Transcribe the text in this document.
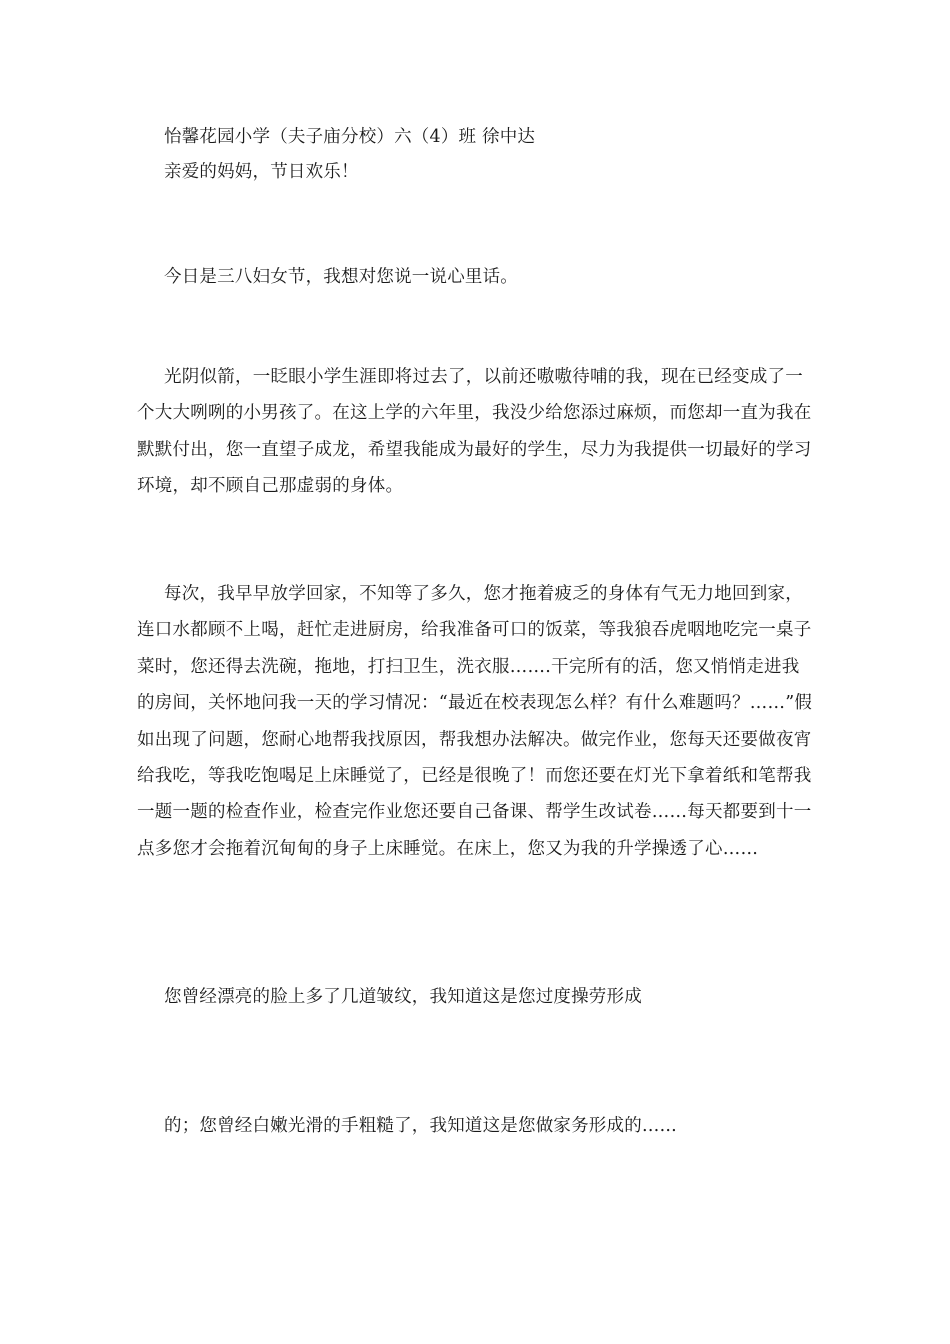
怡馨花园小学（夫子庙分校）六（4）班 徐中达
亲爱的妈妈，节日欢乐！
今日是三八妇女节，我想对您说一说心里话。
光阴似箭，一眨眼小学生涯即将过去了，以前还嗷嗷待哺的我，现在已经变成了一个大大咧咧的小男孩了。在这上学的六年里，我没少给您添过麻烦，而您却一直为我在默默付出，您一直望子成龙，希望我能成为最好的学生，尽力为我提供一切最好的学习环境，却不顾自己那虚弱的身体。
每次，我早早放学回家，不知等了多久，您才拖着疲乏的身体有气无力地回到家，连口水都顾不上喝，赶忙走进厨房，给我准备可口的饭菜，等我狼吞虎咽地吃完一桌子菜时，您还得去洗碗，拖地，打扫卫生，洗衣服…….干完所有的活，您又悄悄走进我的房间，关怀地问我一天的学习情况：“最近在校表现怎么样？有什么难题吗？……”假如出现了问题，您耐心地帮我找原因，帮我想办法解决。做完作业，您每天还要做夜宵给我吃，等我吃饱喝足上床睡觉了，已经是很晚了！而您还要在灯光下拿着纸和笔帮我一题一题的检查作业，检查完作业您还要自己备课、帮学生改试卷……每天都要到十一点多您才会拖着沉甸甸的身子上床睡觉。在床上，您又为我的升学操透了心……
您曾经漂亮的脸上多了几道皱纹，我知道这是您过度操劳形成
的；您曾经白嫩光滑的手粗糙了，我知道这是您做家务形成的…...
